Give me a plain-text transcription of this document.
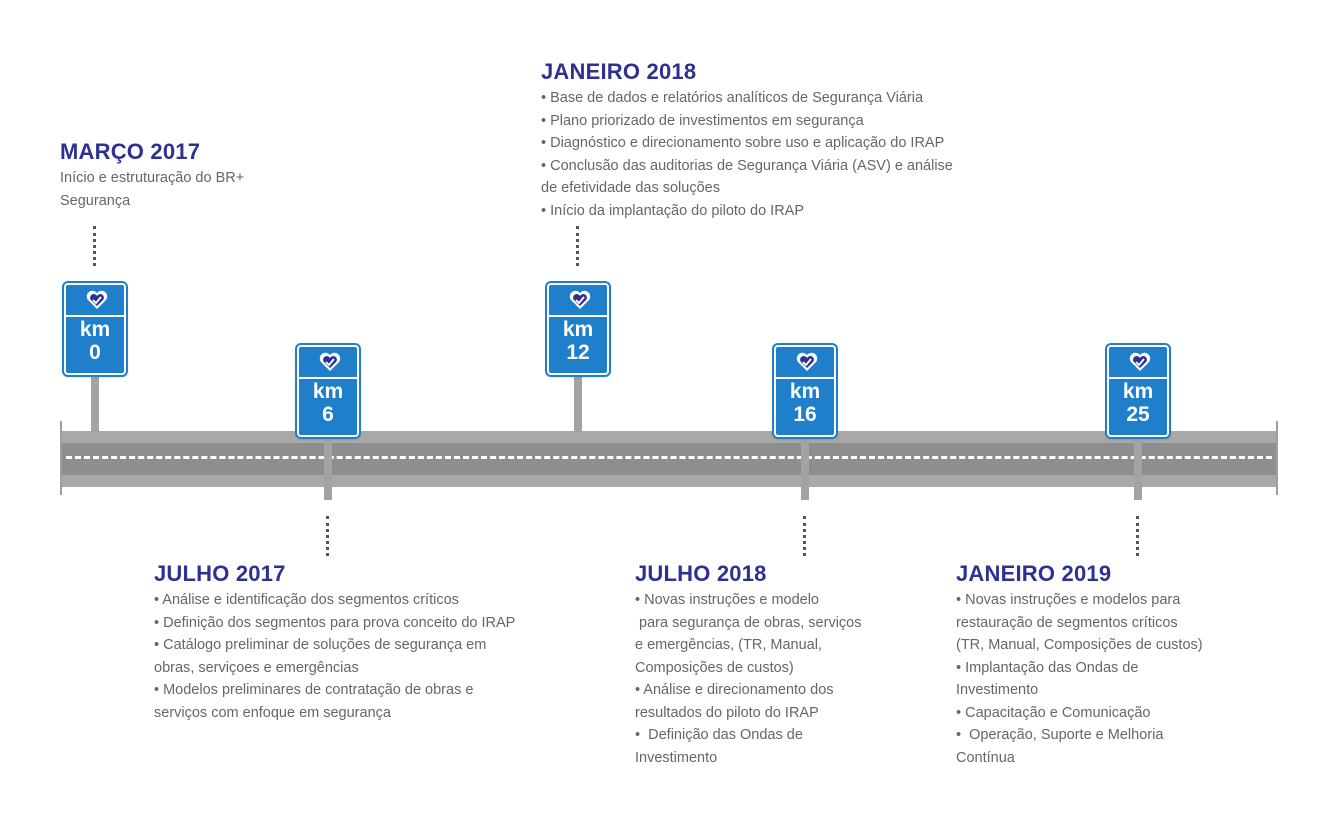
km
0
km
6
km
12
km
16
km
25
MARÇO 2017
Início e estruturação do BR+
Segurança
JANEIRO 2018
• Base de dados e relatórios analíticos de Segurança Viária
• Plano priorizado de investimentos em segurança
• Diagnóstico e direcionamento sobre uso e aplicação do IRAP
• Conclusão das auditorias de Segurança Viária (ASV) e análise
de efetividade das soluções
• Início da implantação do piloto do IRAP
JULHO 2017
• Análise e identificação dos segmentos críticos
• Definição dos segmentos para prova conceito do IRAP
• Catálogo preliminar de soluções de segurança em
obras, serviçoes e emergências
• Modelos preliminares de contratação de obras e
serviços com enfoque em segurança
JULHO 2018
• Novas instruções e modelo
para segurança de obras, serviços
e emergências, (TR, Manual,
Composições de custos)
• Análise e direcionamento dos
resultados do piloto do IRAP
•  Definição das Ondas de
Investimento
JANEIRO 2019
• Novas instruções e modelos para
restauração de segmentos críticos
(TR, Manual, Composições de custos)
• Implantação das Ondas de
Investimento
• Capacitação e Comunicação
•  Operação, Suporte e Melhoria
Contínua
